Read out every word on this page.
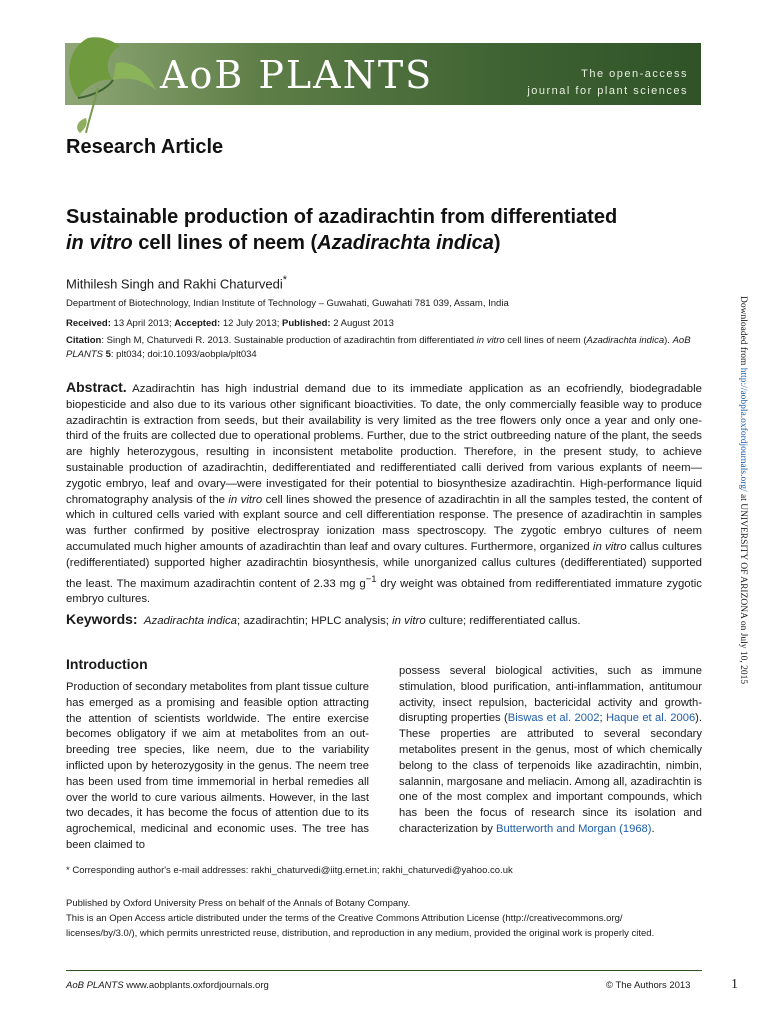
AoB PLANTS	The open-access
journal for plant sciences
Research Article
Sustainable production of azadirachtin from differentiated
in vitro cell lines of neem (Azadirachta indica)
Mithilesh Singh and Rakhi Chaturvedi*
Department of Biotechnology, Indian Institute of Technology – Guwahati, Guwahati 781 039, Assam, India
Received: 13 April 2013; Accepted: 12 July 2013; Published: 2 August 2013
Citation: Singh M, Chaturvedi R. 2013. Sustainable production of azadirachtin from differentiated in vitro cell lines of neem (Azadirachta indica). AoB PLANTS 5: plt034; doi:10.1093/aobpla/plt034
Abstract. Azadirachtin has high industrial demand due to its immediate application as an ecofriendly, biodegradable biopesticide and also due to its various other significant bioactivities. To date, the only commercially feasible way to produce azadirachtin is extraction from seeds, but their availability is very limited as the tree flowers only once a year and only one-third of the fruits are collected due to operational problems. Further, due to the strict outbreeding nature of the plant, the seeds are highly heterozygous, resulting in inconsistent metabolite production. Therefore, in the present study, to achieve sustainable production of azadirachtin, dedifferentiated and redifferentiated calli derived from various explants of neem—zygotic embryo, leaf and ovary—were investigated for their potential to biosynthesize azadirachtin. High-performance liquid chromatography analysis of the in vitro cell lines showed the presence of azadirachtin in all the samples tested, the content of which in cultured cells varied with explant source and cell differentiation response. The presence of azadirachtin in samples was further confirmed by positive electrospray ionization mass spectroscopy. The zygotic embryo cultures of neem accumulated much higher amounts of azadirachtin than leaf and ovary cultures. Furthermore, organized in vitro callus cultures (redifferentiated) supported higher azadirachtin biosynthesis, while unorganized callus cultures (dedifferentiated) supported the least. The maximum azadirachtin content of 2.33 mg $g^{-1}$ dry weight was obtained from redifferentiated immature zygotic embryo cultures.
Keywords: Azadirachta indica; azadirachtin; HPLC analysis; in vitro culture; redifferentiated callus.
Introduction
Production of secondary metabolites from plant tissue culture has emerged as a promising and feasible option attracting the attention of scientists worldwide. The entire exercise becomes obligatory if we aim at metabolites from an out-breeding tree species, like neem, due to the variability inflicted upon by heterozygosity in the genus. The neem tree has been used from time immemorial in herbal remedies all over the world to cure various ailments. However, in the last two decades, it has become the focus of attention due to its agrochemical, medicinal and economic uses. The tree has been claimed to
possess several biological activities, such as immune stimulation, blood purification, anti-inflammation, antitumour activity, insect repulsion, bactericidal activity and growth-disrupting properties (Biswas et al. 2002; Haque et al. 2006). These properties are attributed to several secondary metabolites present in the genus, most of which chemically belong to the class of terpenoids like azadirachtin, nimbin, salannin, margosane and meliacin. Among all, azadirachtin is one of the most complex and important compounds, which has been the focus of research since its isolation and characterization by Butterworth and Morgan (1968).
* Corresponding author's e-mail addresses: rakhi_chaturvedi@iitg.ernet.in; rakhi_chaturvedi@yahoo.co.uk
Published by Oxford University Press on behalf of the Annals of Botany Company.
This is an Open Access article distributed under the terms of the Creative Commons Attribution License (http://creativecommons.org/
licenses/by/3.0/), which permits unrestricted reuse, distribution, and reproduction in any medium, provided the original work is properly cited.
AoB PLANTS www.aobplants.oxfordjournals.org	© The Authors 2013	1
Downloaded from http://aobpla.oxfordjournals.org/ at UNIVERSITY OF ARIZONA on July 10, 2015
